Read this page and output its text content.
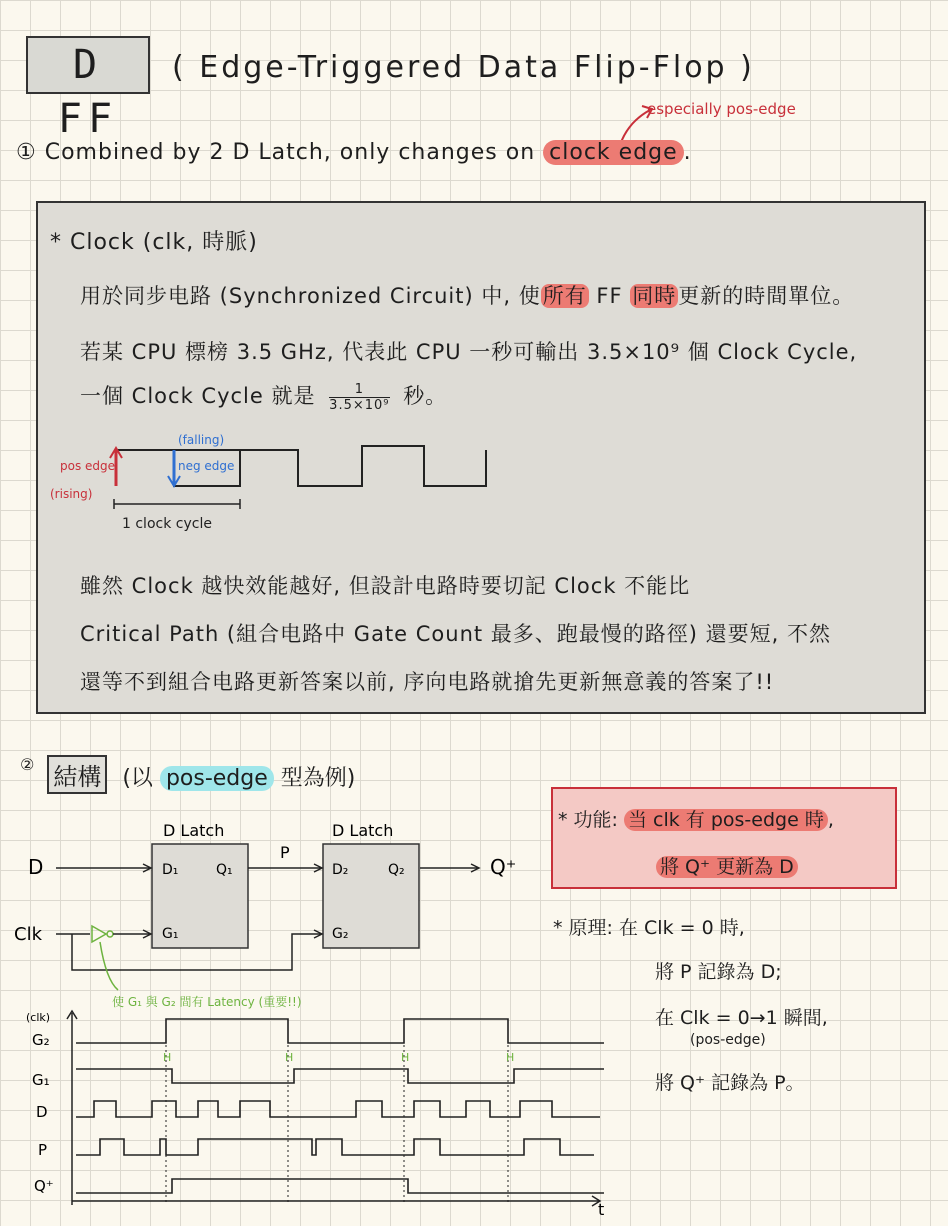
D FF
( Edge-Triggered Data Flip-Flop )
especially pos-edge
① Combined by 2 D Latch, only changes on clock edge .
* Clock (clk, 時脈)
用於同步电路 (Synchronized Circuit) 中, 使所有 FF 同時更新的時間單位。
若某 CPU 標榜 3.5 GHz, 代表此 CPU 一秒可輸出 3.5×10⁹ 個 Clock Cycle,
一個 Clock Cycle 就是 $\frac{1}{\text{3.5×10⁹}}$ 秒。
pos edge
(rising)
(falling)
neg edge
1 clock cycle
雖然 Clock 越快效能越好, 但設計电路時要切記 Clock 不能比
Critical Path (組合电路中 Gate Count 最多、跑最慢的路徑) 還要短, 不然
還等不到組合电路更新答案以前, 序向电路就搶先更新無意義的答案了!!
② 結構 (以 pos-edge 型為例)
D Latch	D Latch
D
Clk
D₁	Q₁
G₁
P
D₂	Q₂
G₂
Q⁺
使 G₁ 與 G₂ 間有 Latency (重要!!)
(clk)
t
G₂
G₁
D
P
Q⁺
H	H	H	H
* 功能: 当 clk 有 pos-edge 時 ,
將 Q⁺ 更新為 D
* 原理: 在 Clk = 0 時,
將 P 記錄為 D;
在 Clk = 0→1 瞬間,
(pos-edge)
將 Q⁺ 記錄為 P。
